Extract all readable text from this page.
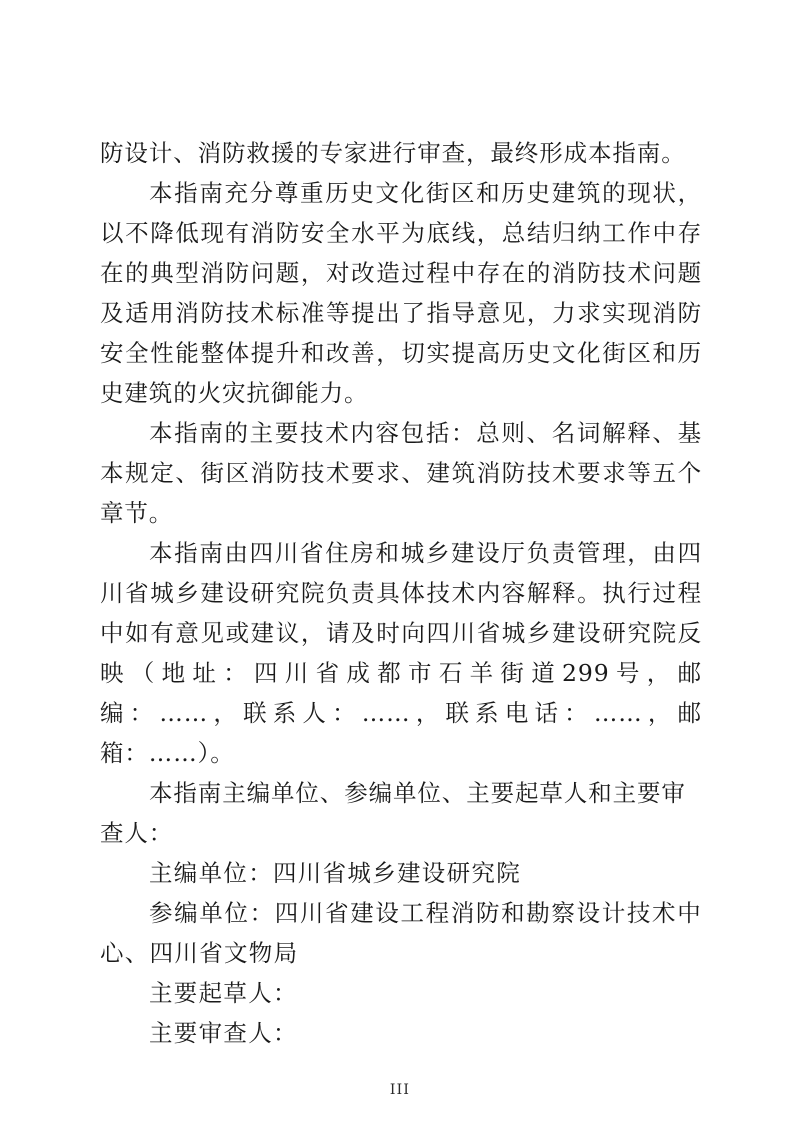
防设计、消防救援的专家进行审查，最终形成本指南。

本指南充分尊重历史文化街区和历史建筑的现状，以不降低现有消防安全水平为底线，总结归纳工作中存在的典型消防问题，对改造过程中存在的消防技术问题及适用消防技术标准等提出了指导意见，力求实现消防安全性能整体提升和改善，切实提高历史文化街区和历史建筑的火灾抗御能力。

本指南的主要技术内容包括：总则、名词解释、基本规定、街区消防技术要求、建筑消防技术要求等五个章节。

本指南由四川省住房和城乡建设厅负责管理，由四川省城乡建设研究院负责具体技术内容解释。执行过程中如有意见或建议，请及时向四川省城乡建设研究院反映（地址：四川省成都市石羊街道299号，邮编：……，联系人：……，联系电话：……，邮箱：……）。

本指南主编单位、参编单位、主要起草人和主要审查人：

主编单位：四川省城乡建设研究院

参编单位：四川省建设工程消防和勘察设计技术中心、四川省文物局

主要起草人：

主要审查人：

III
